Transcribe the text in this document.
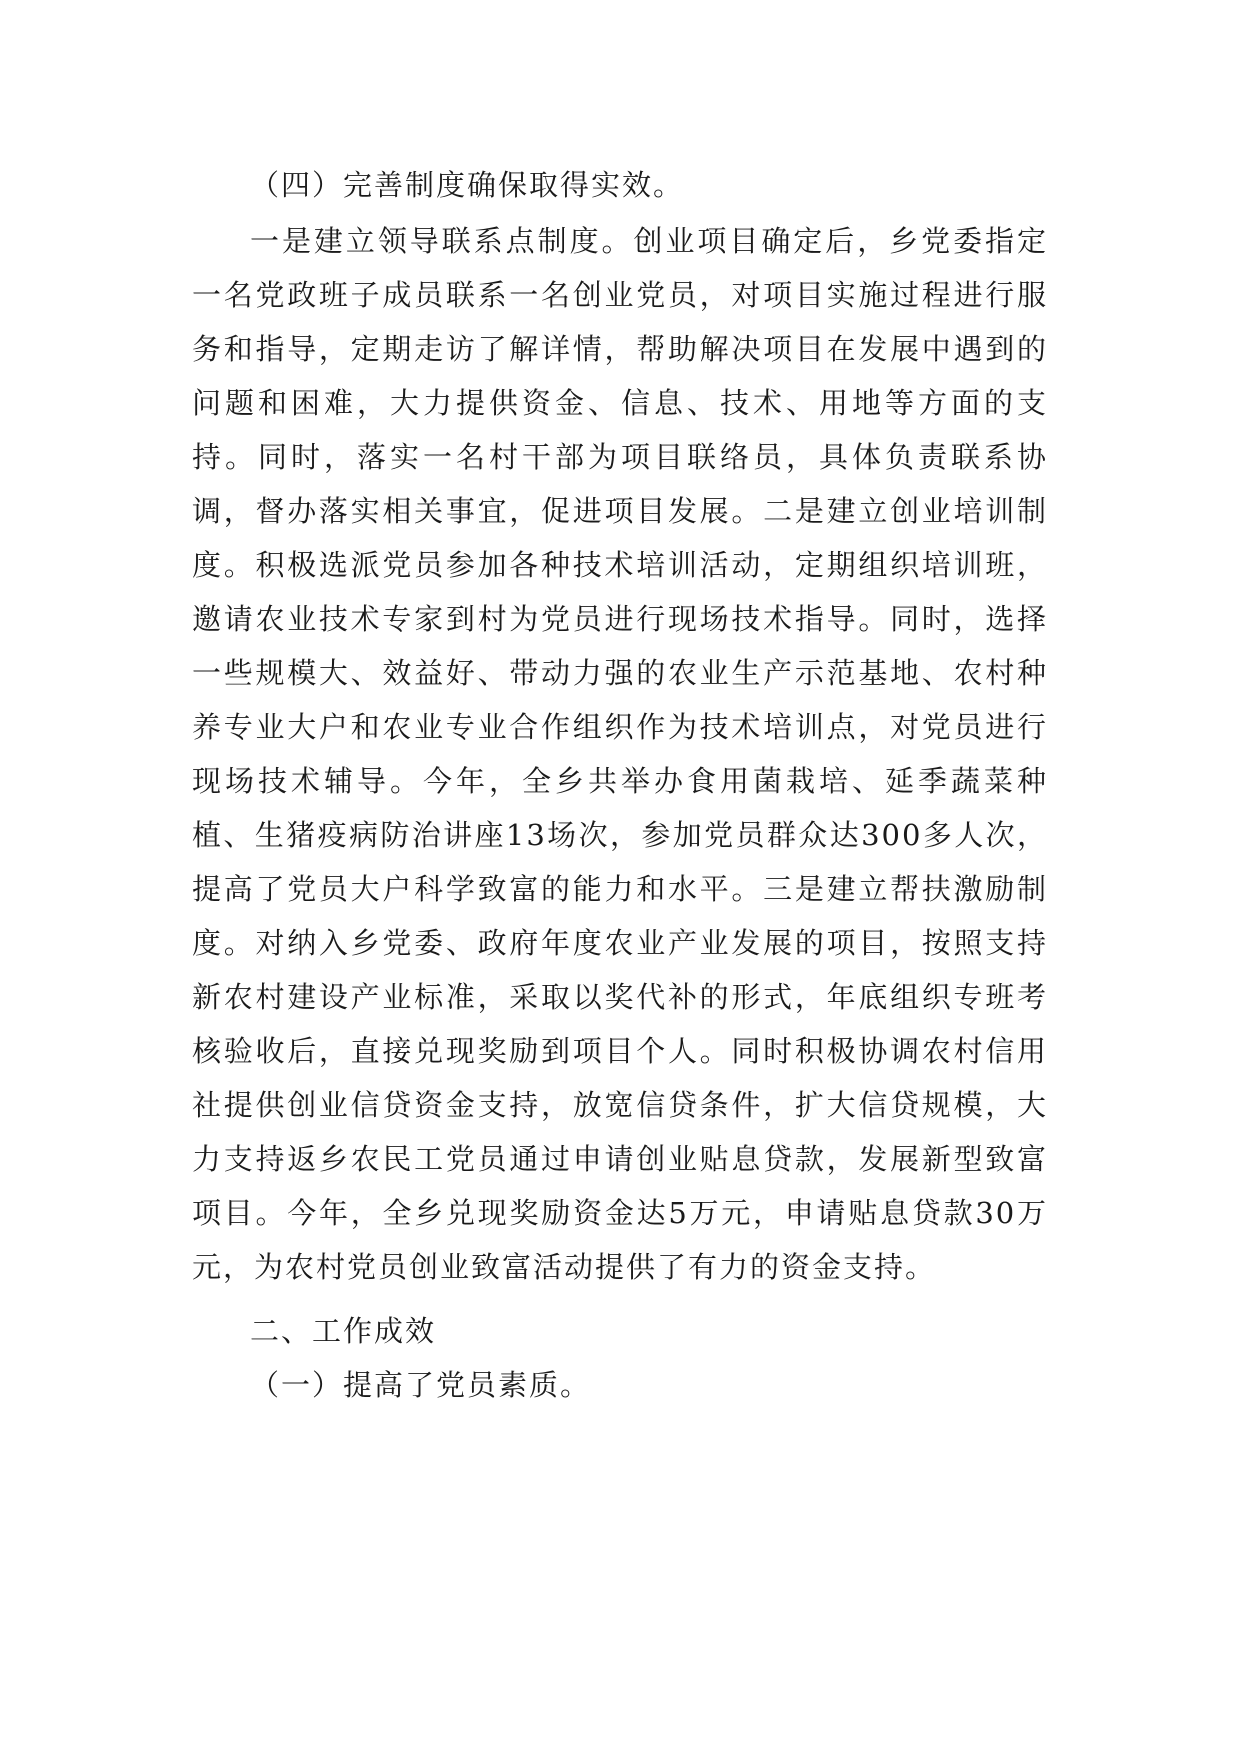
（四）完善制度确保取得实效。

一是建立领导联系点制度。创业项目确定后，乡党委指定一名党政班子成员联系一名创业党员，对项目实施过程进行服务和指导，定期走访了解详情，帮助解决项目在发展中遇到的问题和困难，大力提供资金、信息、技术、用地等方面的支持。同时，落实一名村干部为项目联络员，具体负责联系协调，督办落实相关事宜，促进项目发展。二是建立创业培训制度。积极选派党员参加各种技术培训活动，定期组织培训班，邀请农业技术专家到村为党员进行现场技术指导。同时，选择一些规模大、效益好、带动力强的农业生产示范基地、农村种养专业大户和农业专业合作组织作为技术培训点，对党员进行现场技术辅导。今年，全乡共举办食用菌栽培、延季蔬菜种植、生猪疫病防治讲座13场次，参加党员群众达300多人次，提高了党员大户科学致富的能力和水平。三是建立帮扶激励制度。对纳入乡党委、政府年度农业产业发展的项目，按照支持新农村建设产业标准，采取以奖代补的形式，年底组织专班考核验收后，直接兑现奖励到项目个人。同时积极协调农村信用社提供创业信贷资金支持，放宽信贷条件，扩大信贷规模，大力支持返乡农民工党员通过申请创业贴息贷款，发展新型致富项目。今年，全乡兑现奖励资金达5万元，申请贴息贷款30万元，为农村党员创业致富活动提供了有力的资金支持。

二、工作成效

（一）提高了党员素质。
